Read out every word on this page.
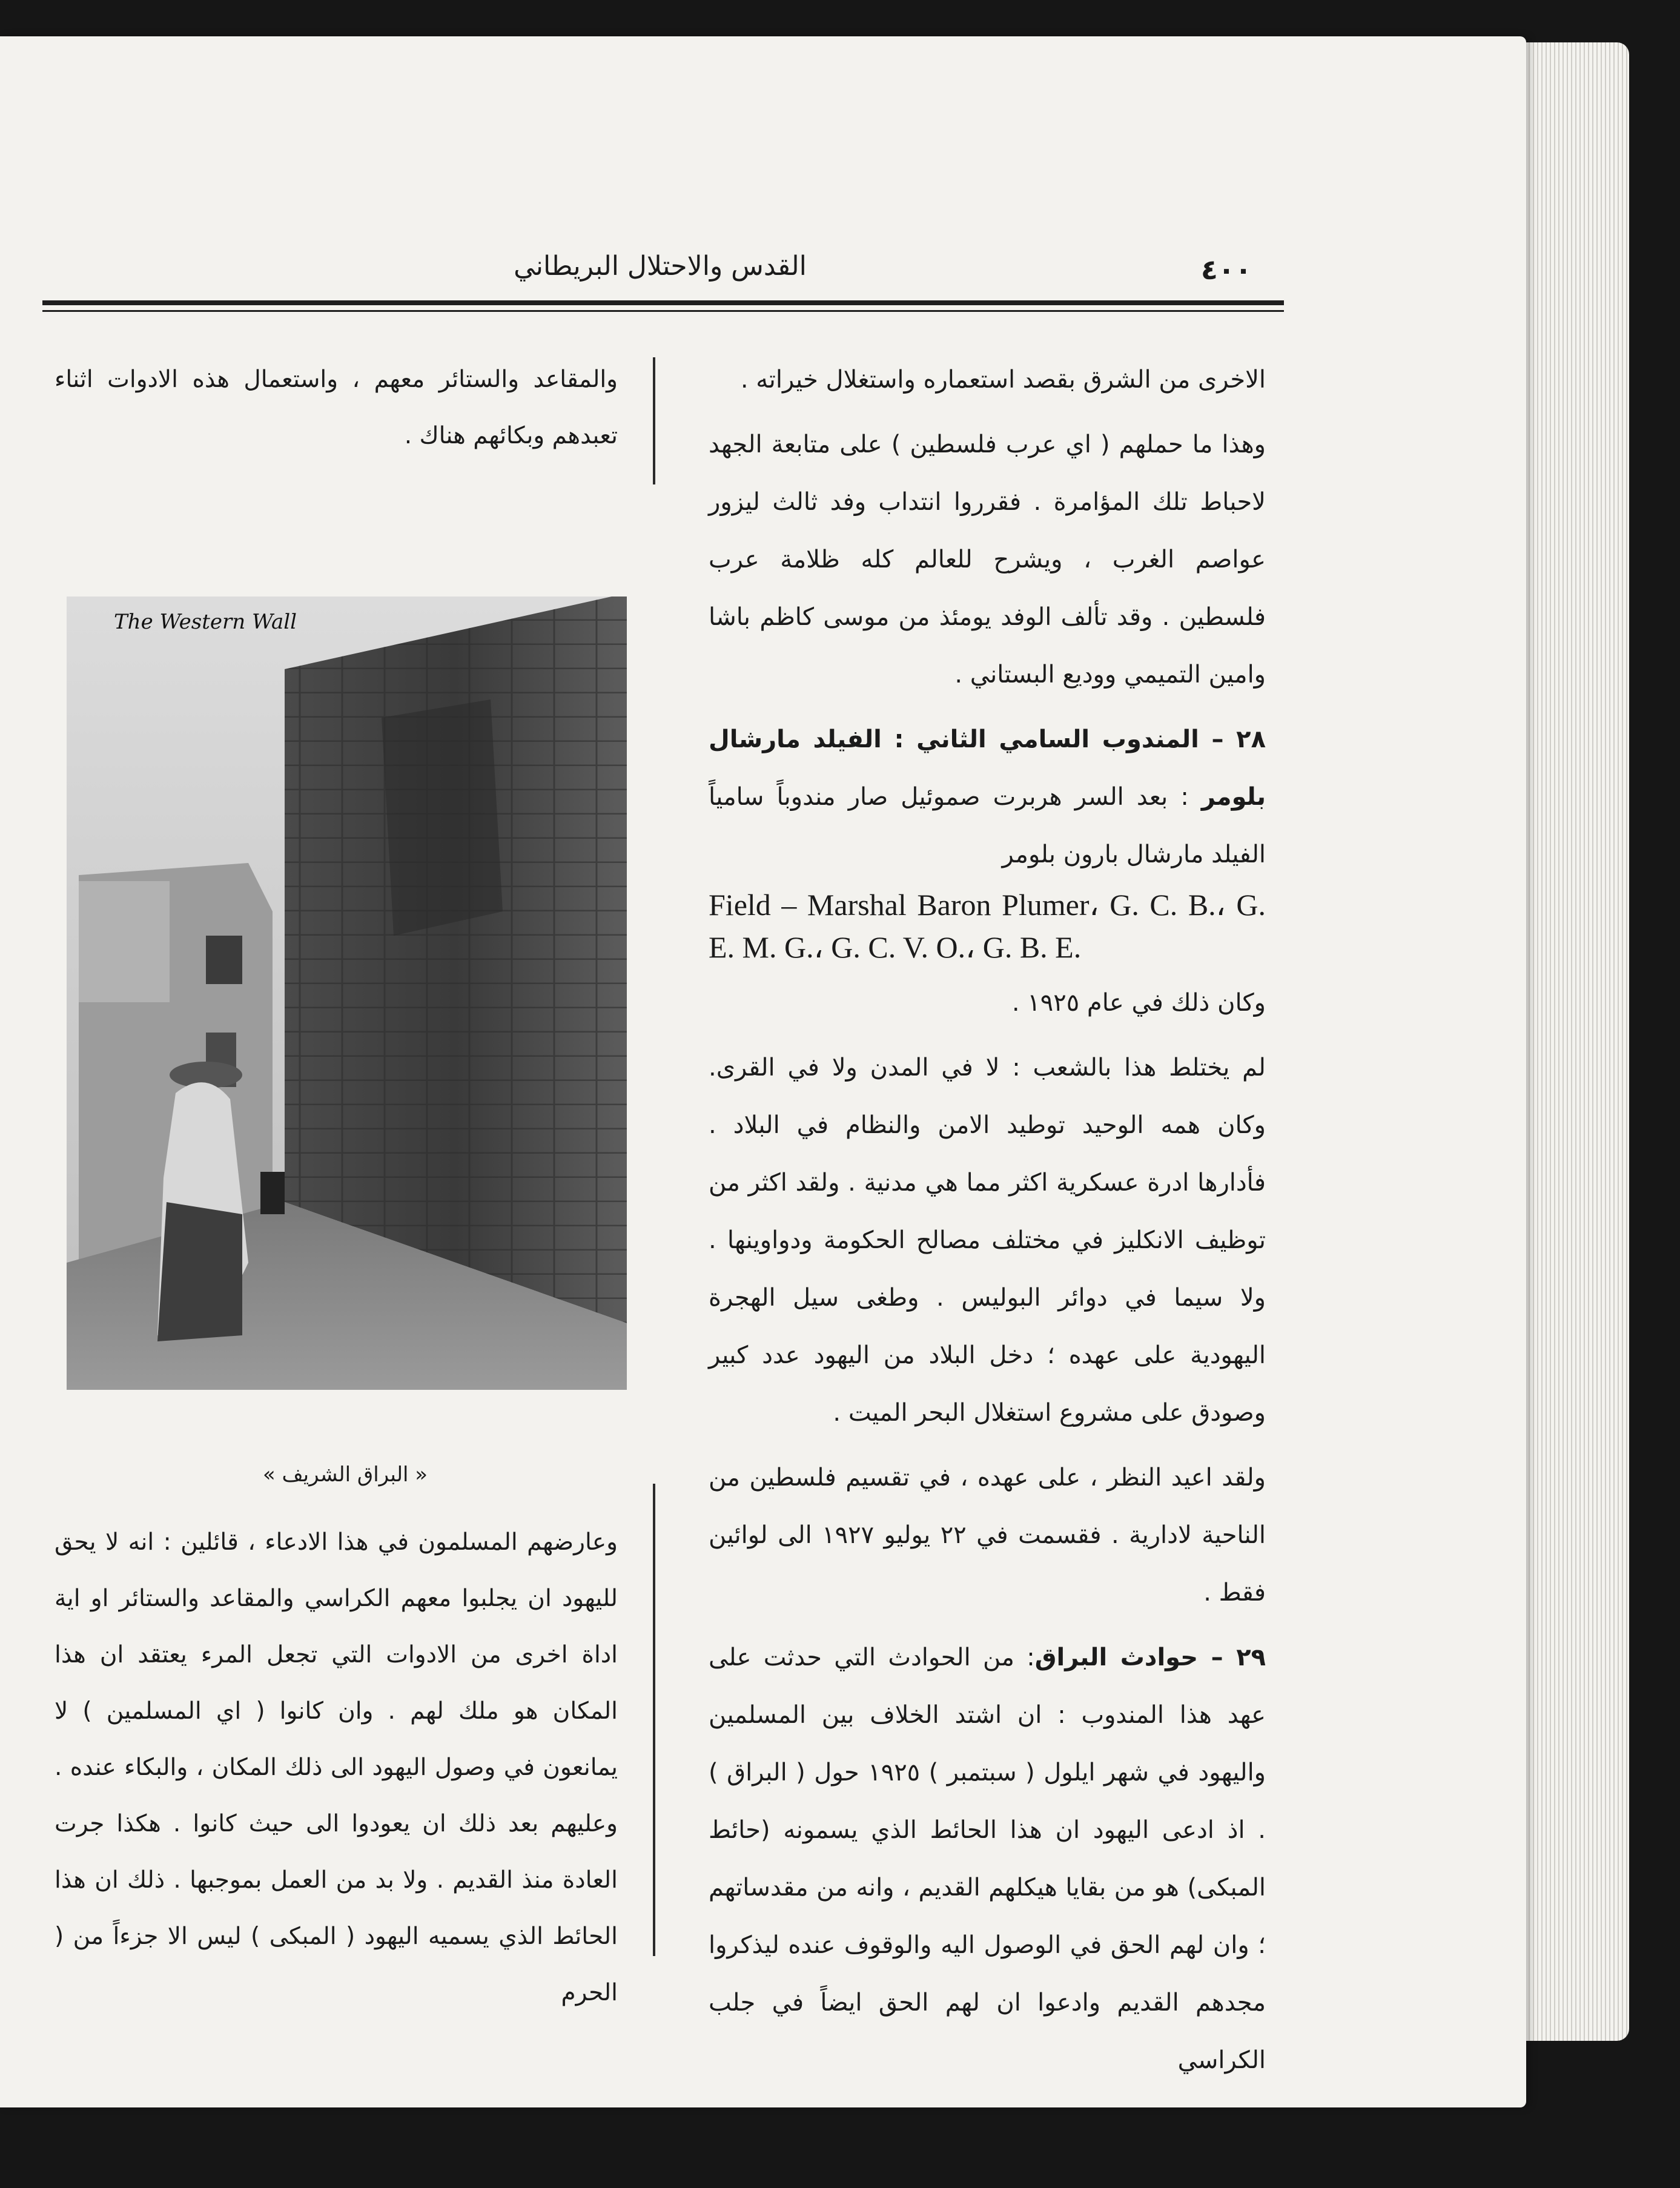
القدس والاحتلال البريطاني	٤٠٠

الاخرى من الشرق بقصد استعماره واستغلال خيراته .

وهذا ما حملهم ( اي عرب فلسطين ) على متابعة الجهد لاحباط تلك المؤامرة . فقرروا انتداب وفد ثالث ليزور عواصم الغرب ، ويشرح للعالم كله ظلامة عرب فلسطين . وقد تألف الوفد يومئذ من موسى كاظم باشا وامين التميمي ووديع البستاني .

٢٨ – المندوب السامي الثاني : الفيلد مارشال بلومر : بعد السر هربرت صموئيل صار مندوباً سامياً الفيلد مارشال بارون بلومر

Field – Marshal Baron Plumer، G. C. B.، G. E. M. G.، G. C. V. O.، G. B. E.

وكان ذلك في عام ١٩٢٥ .

لم يختلط هذا بالشعب : لا في المدن ولا في القرى. وكان همه الوحيد توطيد الامن والنظام في البلاد . فأدارها ادرة عسكرية اكثر مما هي مدنية . ولقد اكثر من توظيف الانكليز في مختلف مصالح الحكومة ودواوينها . ولا سيما في دوائر البوليس . وطغى سيل الهجرة اليهودية على عهده ؛ دخل البلاد من اليهود عدد كبير وصودق على مشروع استغلال البحر الميت .

ولقد اعيد النظر ، على عهده ، في تقسيم فلسطين من الناحية لادارية . فقسمت في ٢٢ يوليو ١٩٢٧ الى لوائين فقط .

٢٩ – حوادث البراق: من الحوادث التي حدثت على عهد هذا المندوب : ان اشتد الخلاف بين المسلمين واليهود في شهر ايلول ( سبتمبر ) ١٩٢٥ حول ( البراق ) . اذ ادعى اليهود ان هذا الحائط الذي يسمونه (حائط المبكى) هو من بقايا هيكلهم القديم ، وانه من مقدساتهم ؛ وان لهم الحق في الوصول اليه والوقوف عنده ليذكروا مجدهم القديم وادعوا ان لهم الحق ايضاً في جلب الكراسي

والمقاعد والستائر معهم ، واستعمال هذه الادوات اثناء تعبدهم وبكائهم هناك .

The Western Wall
« البراق الشريف »

وعارضهم المسلمون في هذا الادعاء ، قائلين : انه لا يحق لليهود ان يجلبوا معهم الكراسي والمقاعد والستائر او اية اداة اخرى من الادوات التي تجعل المرء يعتقد ان هذا المكان هو ملك لهم . وان كانوا ( اي المسلمين ) لا يمانعون في وصول اليهود الى ذلك المكان ، والبكاء عنده . وعليهم بعد ذلك ان يعودوا الى حيث كانوا . هكذا جرت العادة منذ القديم . ولا بد من العمل بموجبها . ذلك ان هذا الحائط الذي يسميه اليهود ( المبكى ) ليس الا جزءاً من ( الحرم
